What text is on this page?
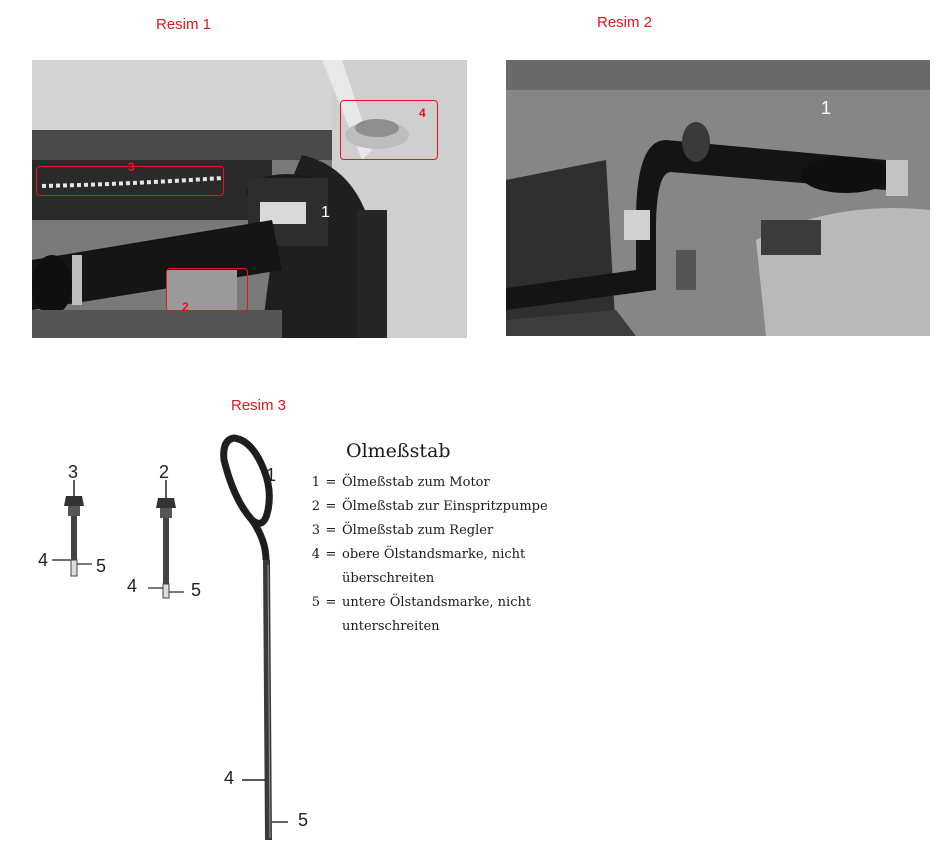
Resim 1
3
2
4
1
Resim 2
1
Resim 3
3
4	5
2
4	5
1
4
5
Olmeßstab
1 = Ölmeßstab zum Motor
2 = Ölmeßstab zur Einspritzpumpe
3 = Ölmeßstab zum Regler
4 = obere Ölstandsmarke, nicht
überschreiten
5 = untere Ölstandsmarke, nicht
unterschreiten
